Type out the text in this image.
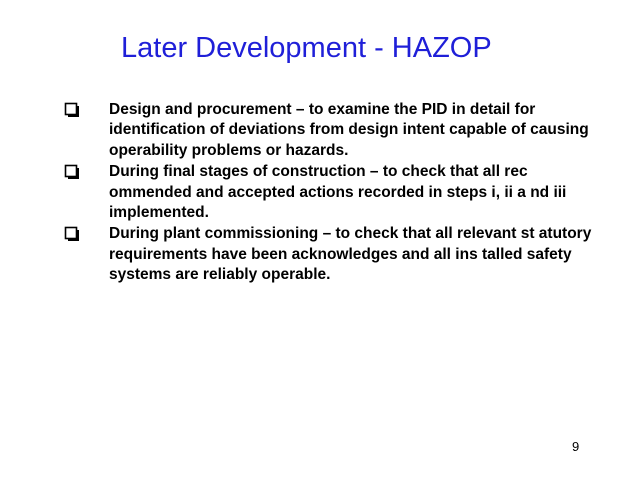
Later Development - HAZOP
Design and procurement – to examine the PID in detail for identification of deviations from design intent capable of causing operability problems or hazards.
During final stages of construction – to check that all rec ommended and accepted actions recorded in steps i, ii a nd iii implemented.
During plant commissioning – to check that all relevant st atutory requirements have been acknowledges and all ins talled safety systems are reliably operable.
9
